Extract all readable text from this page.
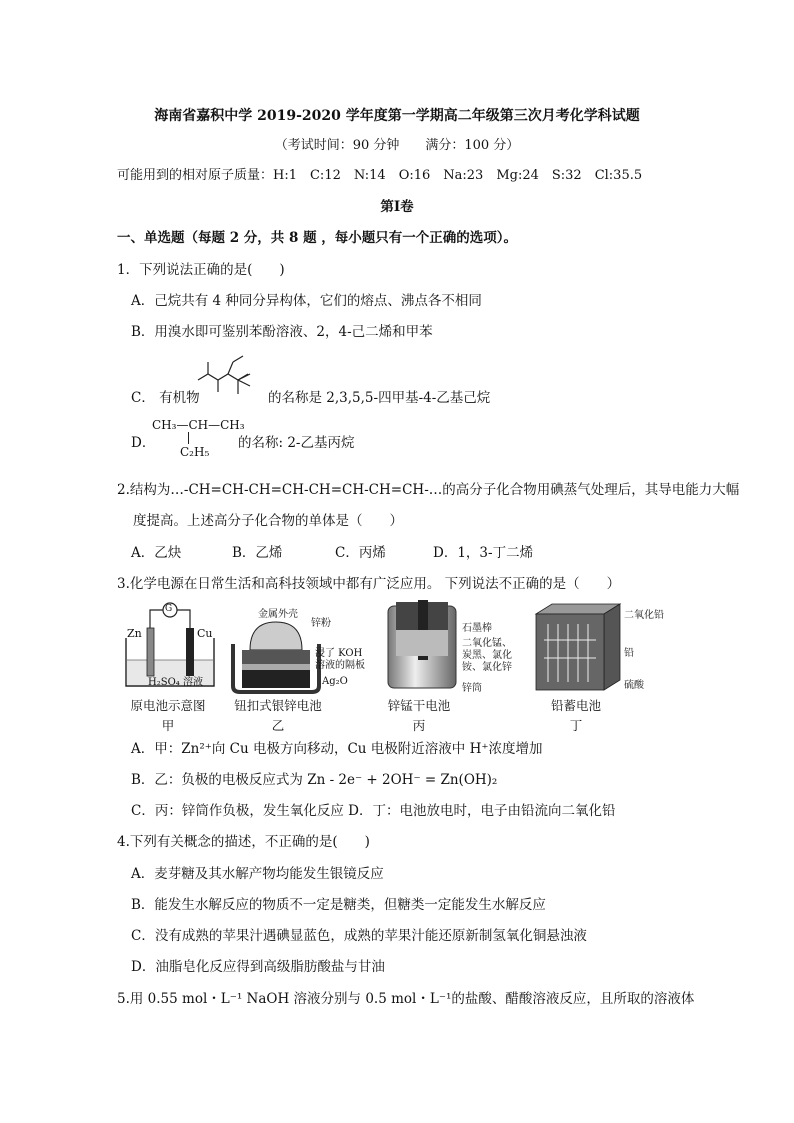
海南省嘉积中学 2019-2020 学年度第一学期高二年级第三次月考化学科试题
（考试时间：90 分钟　　满分：100 分）
可能用到的相对原子质量：H:1　C:12　N:14　O:16　Na:23　Mg:24　S:32　Cl:35.5
第Ⅰ卷
一、单选题（每题 2 分，共 8 题 ，每小题只有一个正确的选项）。
1．下列说法正确的是(　　)
A．己烷共有 4 种同分异构体，它们的熔点、沸点各不相同
B．用溴水即可鉴别苯酚溶液、2，4-己二烯和甲苯
C． 有机物	的名称是 2,3,5,5-四甲基-4-乙基己烷
D．
CH₃—CH—CH₃
C₂H₅
的名称: 2-乙基丙烷
2.结构为…-CH=CH-CH=CH-CH=CH-CH=CH-…的高分子化合物用碘蒸气处理后，其导电能力大幅
度提高。上述高分子化合物的单体是（　　）
A．乙炔	B．乙烯	C．丙烯	D．1，3-丁二烯
3.化学电源在日常生活和高科技领域中都有广泛应用。 下列说法不正确的是（　　）
G
Zn	Cu
H₂SO₄ 溶液
原电池示意图
甲
金属外壳
锌粉
浸了 KOH
溶液的隔板
Ag₂O
钮扣式银锌电池
乙
石墨棒
二氧化锰、
炭黑、氯化
铵、氯化锌
锌筒
锌锰干电池
丙
二氧化铅
铅
硫酸
铅蓄电池
丁
A．甲：Zn²⁺向 Cu 电极方向移动，Cu 电极附近溶液中 H⁺浓度增加
B．乙：负极的电极反应式为 Zn - 2e⁻ + 2OH⁻ = Zn(OH)₂
C．丙：锌筒作负极，发生氧化反应 D．丁：电池放电时，电子由铅流向二氧化铅
4.下列有关概念的描述，不正确的是(　　)
A．麦芽糖及其水解产物均能发生银镜反应
B．能发生水解反应的物质不一定是糖类，但糖类一定能发生水解反应
C．没有成熟的苹果汁遇碘显蓝色，成熟的苹果汁能还原新制氢氧化铜悬浊液
D．油脂皂化反应得到高级脂肪酸盐与甘油
5.用 0.55 mol・L⁻¹ NaOH 溶液分别与 0.5 mol・L⁻¹的盐酸、醋酸溶液反应，且所取的溶液体
